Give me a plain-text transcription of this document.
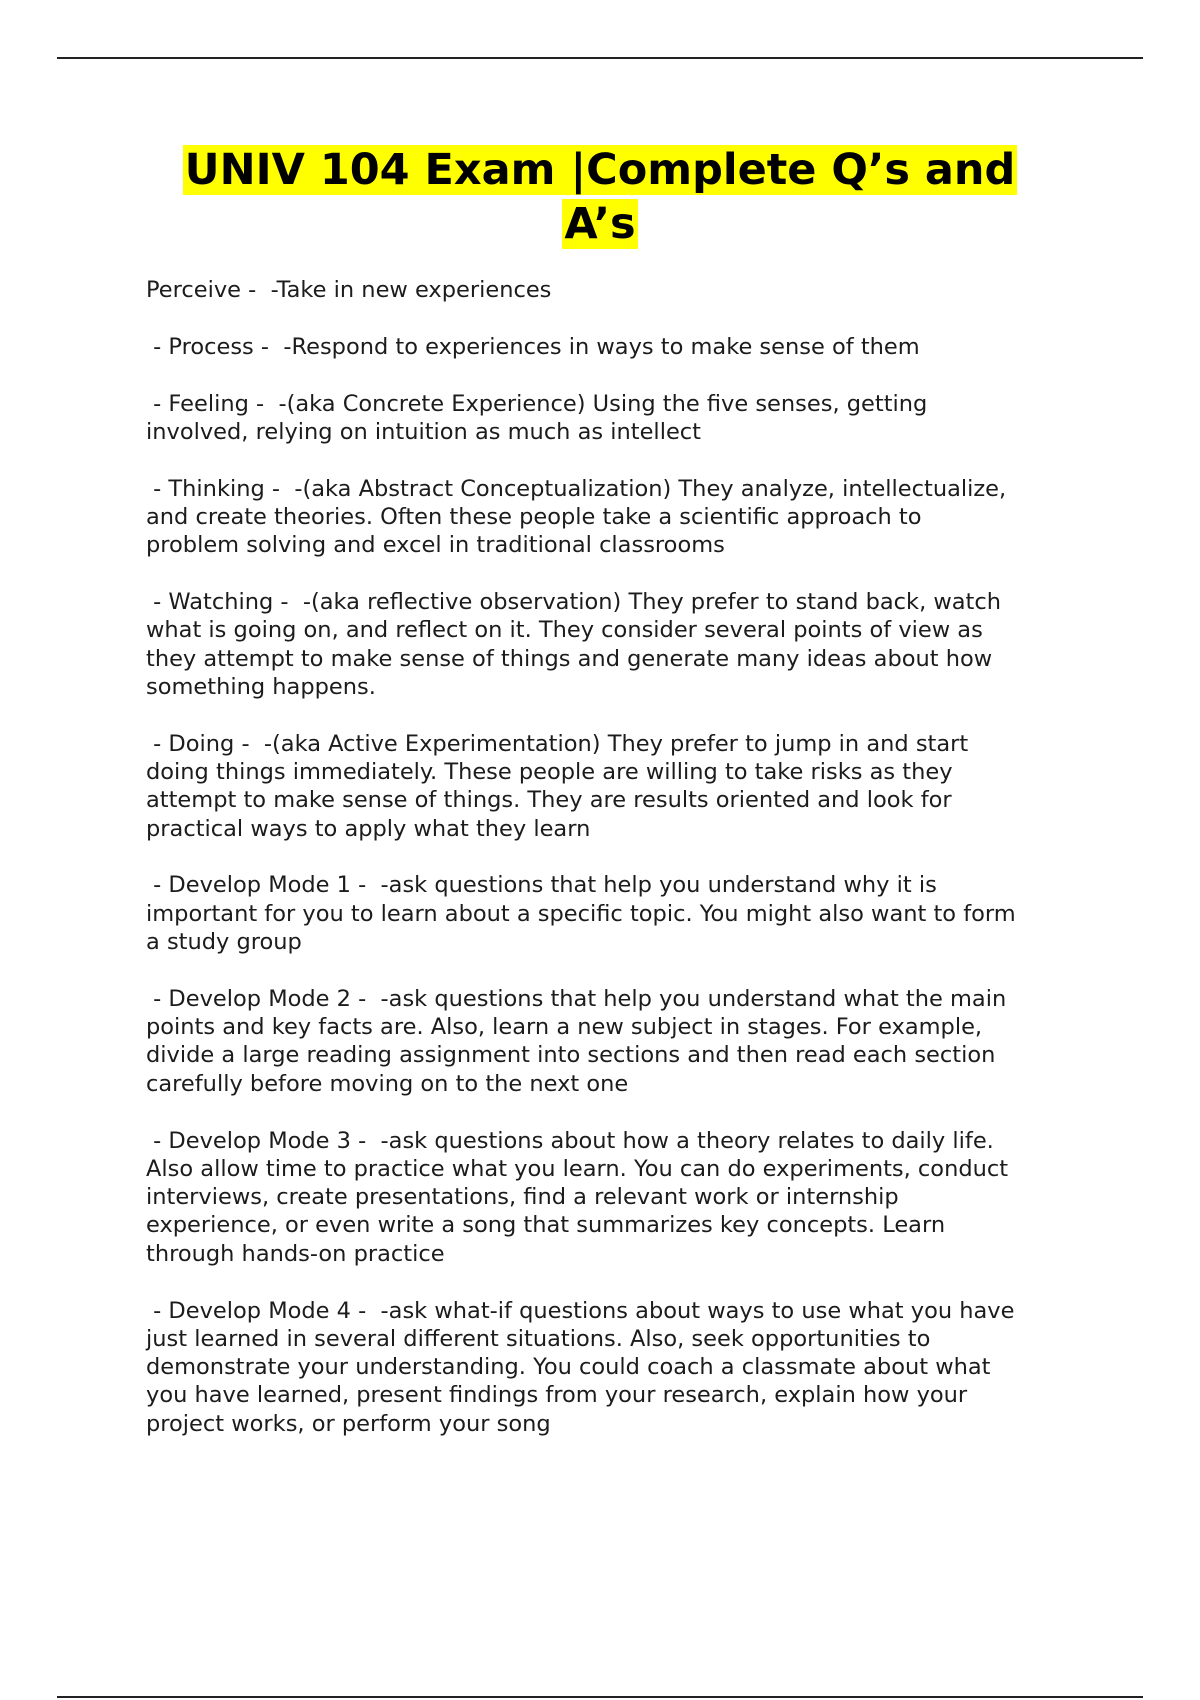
UNIV 104 Exam |Complete Q’s and A’s
Perceive -  -Take in new experiences
- Process -  -Respond to experiences in ways to make sense of them
- Feeling -  -(aka Concrete Experience) Using the five senses, getting
involved, relying on intuition as much as intellect
- Thinking -  -(aka Abstract Conceptualization) They analyze, intellectualize,
and create theories. Often these people take a scientific approach to
problem solving and excel in traditional classrooms
- Watching -  -(aka reflective observation) They prefer to stand back, watch
what is going on, and reflect on it. They consider several points of view as
they attempt to make sense of things and generate many ideas about how
something happens.
- Doing -  -(aka Active Experimentation) They prefer to jump in and start
doing things immediately. These people are willing to take risks as they
attempt to make sense of things. They are results oriented and look for
practical ways to apply what they learn
- Develop Mode 1 -  -ask questions that help you understand why it is
important for you to learn about a specific topic. You might also want to form
a study group
- Develop Mode 2 -  -ask questions that help you understand what the main
points and key facts are. Also, learn a new subject in stages. For example,
divide a large reading assignment into sections and then read each section
carefully before moving on to the next one
- Develop Mode 3 -  -ask questions about how a theory relates to daily life.
Also allow time to practice what you learn. You can do experiments, conduct
interviews, create presentations, find a relevant work or internship
experience, or even write a song that summarizes key concepts. Learn
through hands-on practice
- Develop Mode 4 -  -ask what-if questions about ways to use what you have
just learned in several different situations. Also, seek opportunities to
demonstrate your understanding. You could coach a classmate about what
you have learned, present findings from your research, explain how your
project works, or perform your song
